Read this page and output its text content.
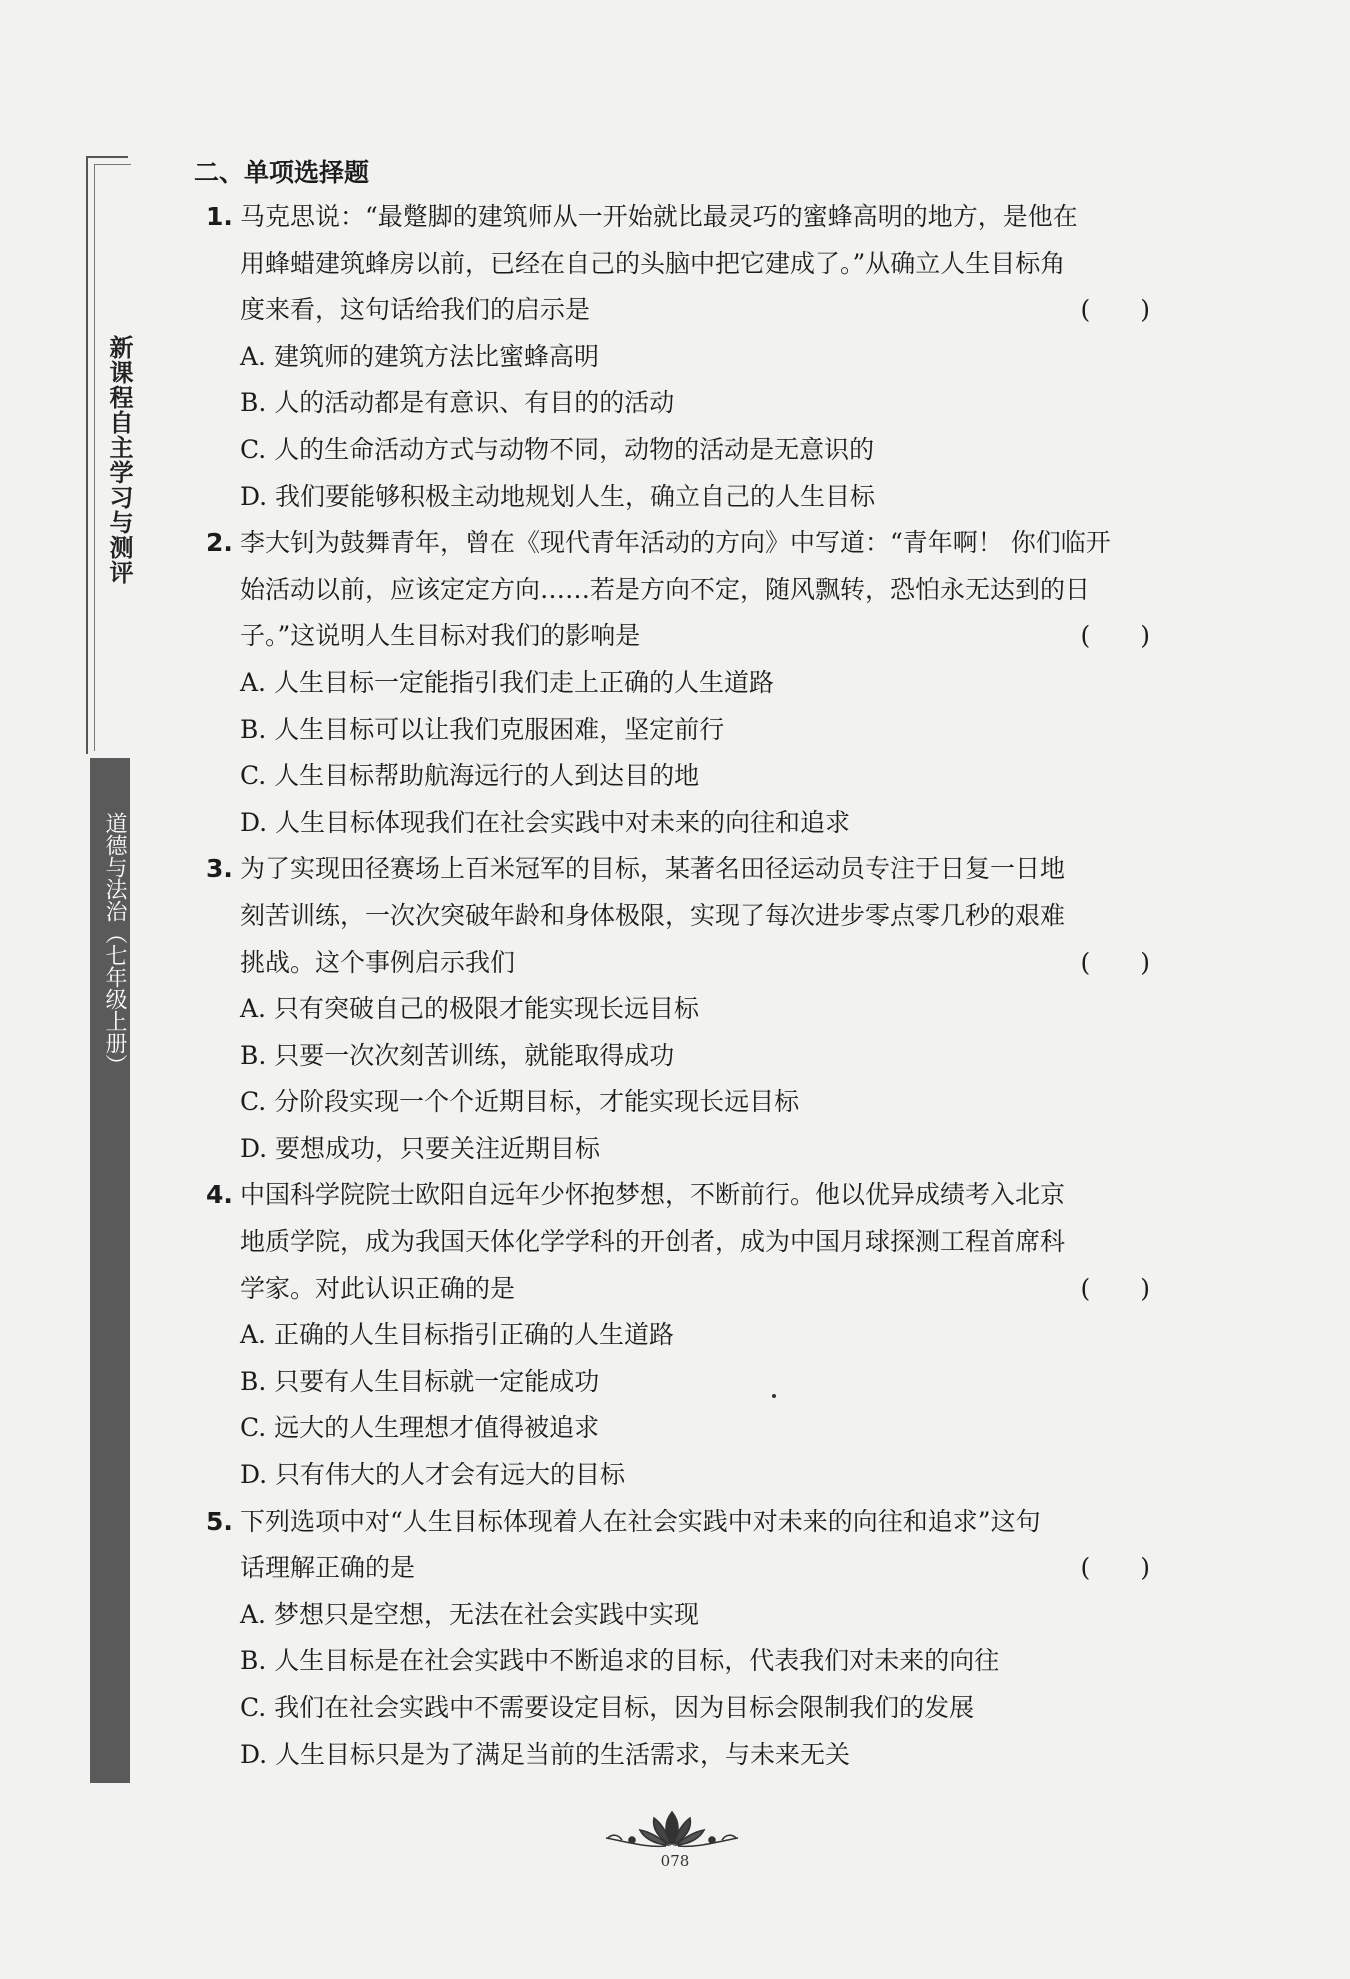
新课程自主学习与测评
道德与法治（七年级上册）
二、单项选择题
1. 马克思说：“最蹩脚的建筑师从一开始就比最灵巧的蜜蜂高明的地方，是他在
用蜂蜡建筑蜂房以前，已经在自己的头脑中把它建成了。”从确立人生目标角
度来看，这句话给我们的启示是	(　　)
A. 建筑师的建筑方法比蜜蜂高明
B. 人的活动都是有意识、有目的的活动
C. 人的生命活动方式与动物不同，动物的活动是无意识的
D. 我们要能够积极主动地规划人生，确立自己的人生目标
2. 李大钊为鼓舞青年，曾在《现代青年活动的方向》中写道：“青年啊！ 你们临开
始活动以前，应该定定方向……若是方向不定，随风飘转，恐怕永无达到的日
子。”这说明人生目标对我们的影响是	(　　)
A. 人生目标一定能指引我们走上正确的人生道路
B. 人生目标可以让我们克服困难，坚定前行
C. 人生目标帮助航海远行的人到达目的地
D. 人生目标体现我们在社会实践中对未来的向往和追求
3. 为了实现田径赛场上百米冠军的目标，某著名田径运动员专注于日复一日地
刻苦训练，一次次突破年龄和身体极限，实现了每次进步零点零几秒的艰难
挑战。这个事例启示我们	(　　)
A. 只有突破自己的极限才能实现长远目标
B. 只要一次次刻苦训练，就能取得成功
C. 分阶段实现一个个近期目标，才能实现长远目标
D. 要想成功，只要关注近期目标
4. 中国科学院院士欧阳自远年少怀抱梦想，不断前行。他以优异成绩考入北京
地质学院，成为我国天体化学学科的开创者，成为中国月球探测工程首席科
学家。对此认识正确的是	(　　)
A. 正确的人生目标指引正确的人生道路
B. 只要有人生目标就一定能成功
C. 远大的人生理想才值得被追求
D. 只有伟大的人才会有远大的目标
5. 下列选项中对“人生目标体现着人在社会实践中对未来的向往和追求”这句
话理解正确的是	(　　)
A. 梦想只是空想，无法在社会实践中实现
B. 人生目标是在社会实践中不断追求的目标，代表我们对未来的向往
C. 我们在社会实践中不需要设定目标，因为目标会限制我们的发展
D. 人生目标只是为了满足当前的生活需求，与未来无关
078
